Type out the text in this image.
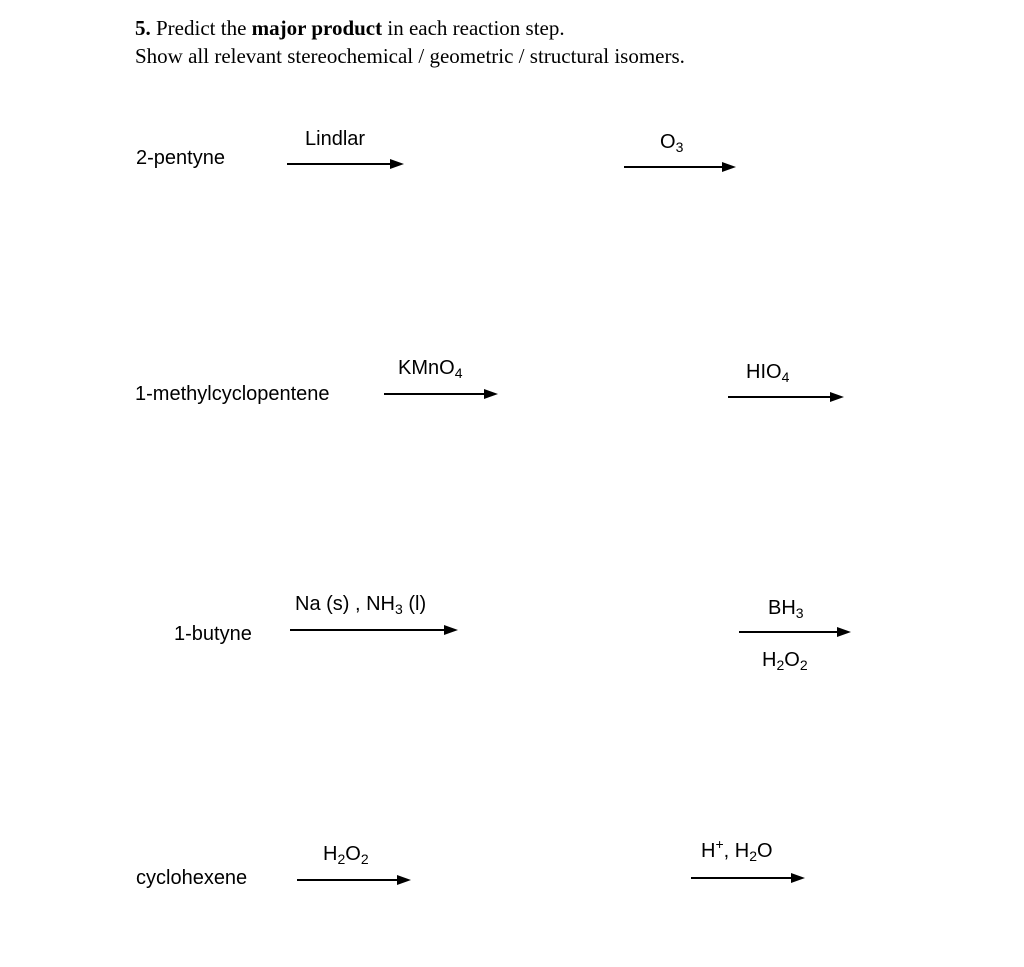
5. Predict the major product in each reaction step.
Show all relevant stereochemical / geometric / structural isomers.
2-pentyne
Lindlar	$O_3$
1-methylcyclopentene
KMnO$_4$	$HIO_4$
1-butyne
Na (s) , $NH_3$ (l)	$BH_3$
$H_2O_2$
cyclohexene
$H_2O_2$	H+, $H_2O$
